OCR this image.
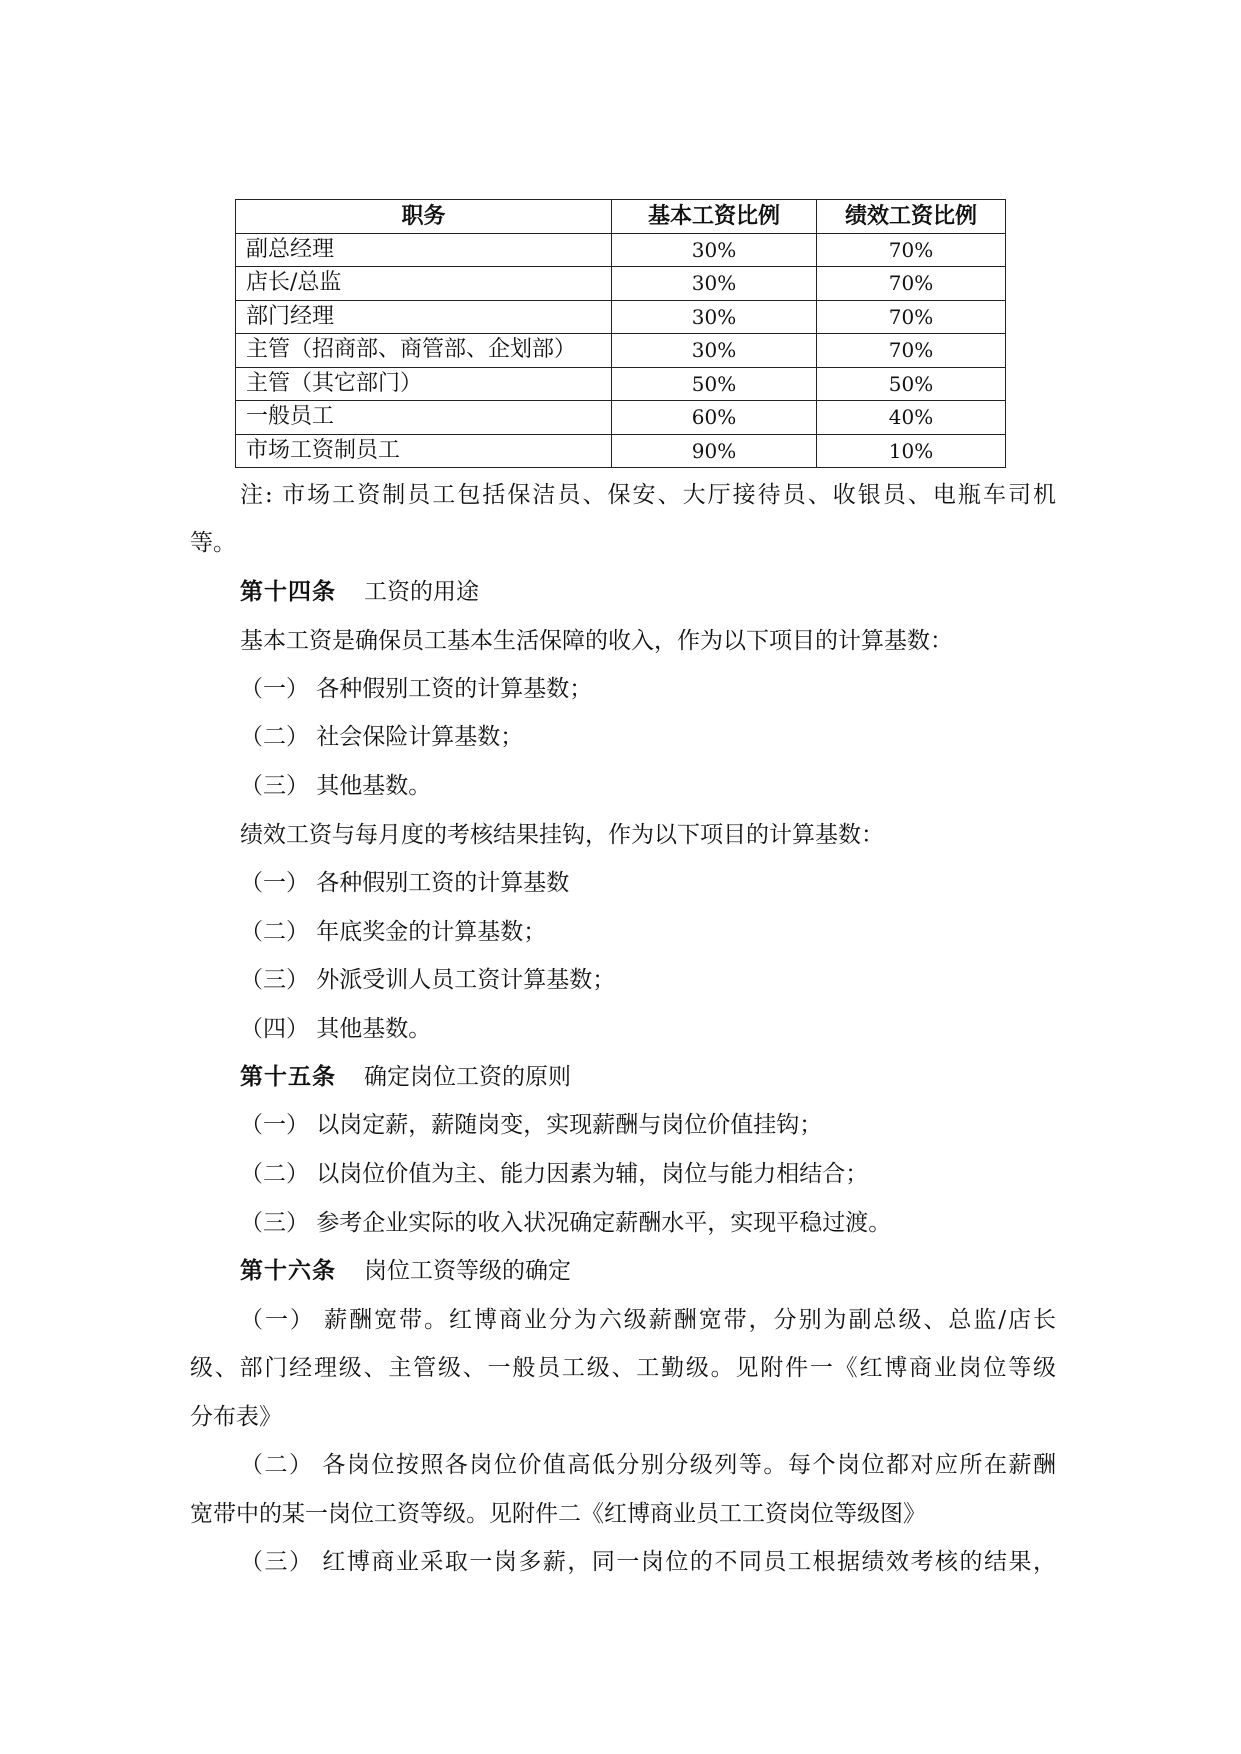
职务	基本工资比例	绩效工资比例
副总经理	30%	70%
店长/总监	30%	70%
部门经理	30%	70%
主管（招商部、商管部、企划部）	30%	70%
主管（其它部门）	50%	50%
一般员工	60%	40%
市场工资制员工	90%	10%

注: 市场工资制员工包括保洁员、保安、大厅接待员、收银员、电瓶车司机

等。

第十四条 工资的用途

基本工资是确保员工基本生活保障的收入，作为以下项目的计算基数：

（一） 各种假别工资的计算基数；

（二） 社会保险计算基数；

（三） 其他基数。

绩效工资与每月度的考核结果挂钩，作为以下项目的计算基数：

（一） 各种假别工资的计算基数

（二） 年底奖金的计算基数；

（三） 外派受训人员工资计算基数；

（四） 其他基数。

第十五条 确定岗位工资的原则

（一） 以岗定薪，薪随岗变，实现薪酬与岗位价值挂钩；

（二） 以岗位价值为主、能力因素为辅，岗位与能力相结合；

（三） 参考企业实际的收入状况确定薪酬水平，实现平稳过渡。

第十六条 岗位工资等级的确定

（一） 薪酬宽带。红博商业分为六级薪酬宽带，分别为副总级、总监/店长

级、部门经理级、主管级、一般员工级、工勤级。见附件一《红博商业岗位等级

分布表》

（二） 各岗位按照各岗位价值高低分别分级列等。每个岗位都对应所在薪酬

宽带中的某一岗位工资等级。见附件二《红博商业员工工资岗位等级图》

（三） 红博商业采取一岗多薪，同一岗位的不同员工根据绩效考核的结果，
